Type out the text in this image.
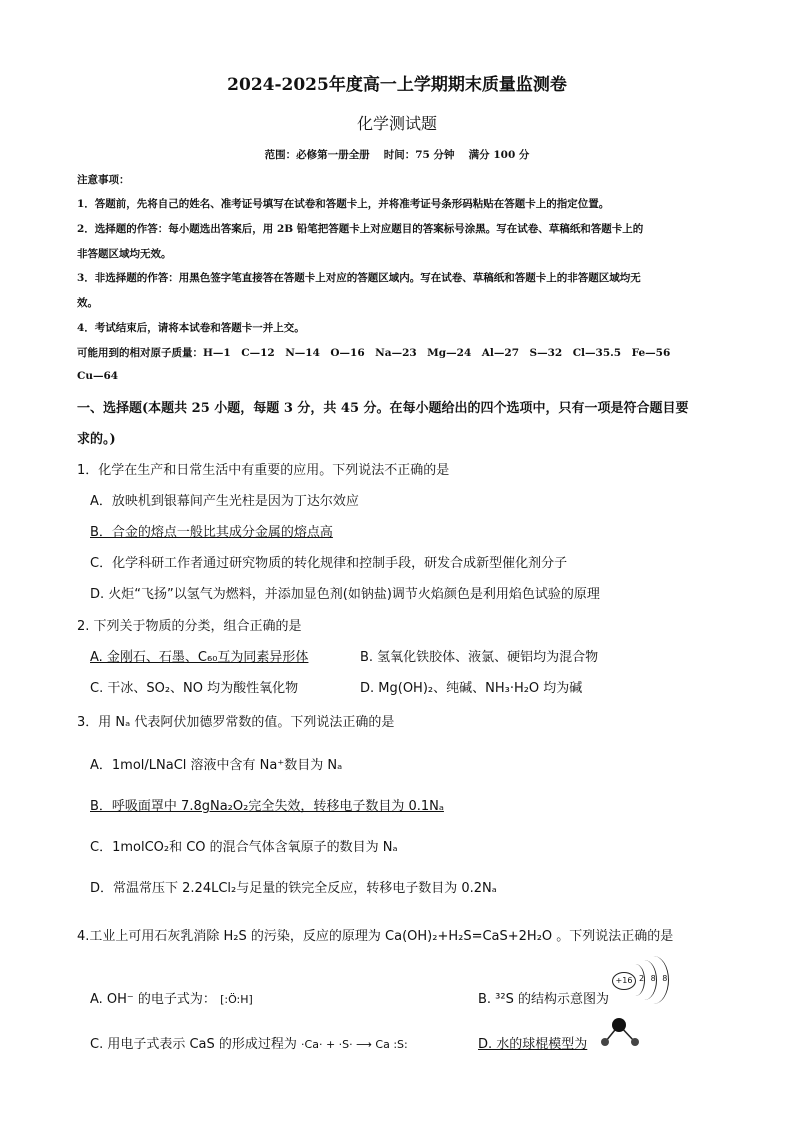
2024-2025年度高一上学期期末质量监测卷
化学测试题
范围：必修第一册全册　 时间：75 分钟　 满分 100 分
注意事项：
1．答题前，先将自己的姓名、准考证号填写在试卷和答题卡上，并将准考证号条形码粘贴在答题卡上的指定位置。
2．选择题的作答：每小题选出答案后，用 2B 铅笔把答题卡上对应题目的答案标号涂黑。写在试卷、草稿纸和答题卡上的
非答题区域均无效。
3．非选择题的作答：用黑色签字笔直接答在答题卡上对应的答题区域内。写在试卷、草稿纸和答题卡上的非答题区域均无
效。
4．考试结束后，请将本试卷和答题卡一并上交。
可能用到的相对原子质量：H—1　C—12　N—14　O—16　Na—23　Mg—24　Al—27　S—32　Cl—35.5　Fe—56
Cu—64
一、选择题(本题共 25 小题，每题 3 分，共 45 分。在每小题给出的四个选项中，只有一项是符合题目要
求的。)
1．化学在生产和日常生活中有重要的应用。下列说法不正确的是
A．放映机到银幕间产生光柱是因为丁达尔效应
B．合金的熔点一般比其成分金属的熔点高
C．化学科研工作者通过研究物质的转化规律和控制手段，研发合成新型催化剂分子
D. 火炬“飞扬”以氢气为燃料，并添加显色剂(如钠盐)调节火焰颜色是利用焰色试验的原理
2. 下列关于物质的分类，组合正确的是
A. 金刚石、石墨、C₆₀互为同素异形体	B. 氢氧化铁胶体、液氯、硬铝均为混合物
C. 干冰、SO₂、NO 均为酸性氧化物	D. Mg(OH)₂、纯碱、NH₃·H₂O 均为碱
3．用 Nₐ 代表阿伏加德罗常数的值。下列说法正确的是
A．1mol/LNaCl 溶液中含有 Na⁺数目为 Nₐ
B．呼吸面罩中 7.8gNa₂O₂完全失效，转移电子数目为 0.1Nₐ
C．1molCO₂和 CO 的混合气体含氧原子的数目为 Nₐ
D．常温常压下 2.24LCl₂与足量的铁完全反应，转移电子数目为 0.2Nₐ
4.工业上可用石灰乳消除 H₂S 的污染，反应的原理为 Ca(OH)₂+H₂S=CaS+2H₂O 。下列说法正确的是
A. OH⁻ 的电子式为： [:Ö:H]	B. ³²S 的结构示意图为
+16 2 8 8
C. 用电子式表示 CaS 的形成过程为 ·Ca· + ·S· ⟶ Ca :S:	D. 水的球棍模型为
